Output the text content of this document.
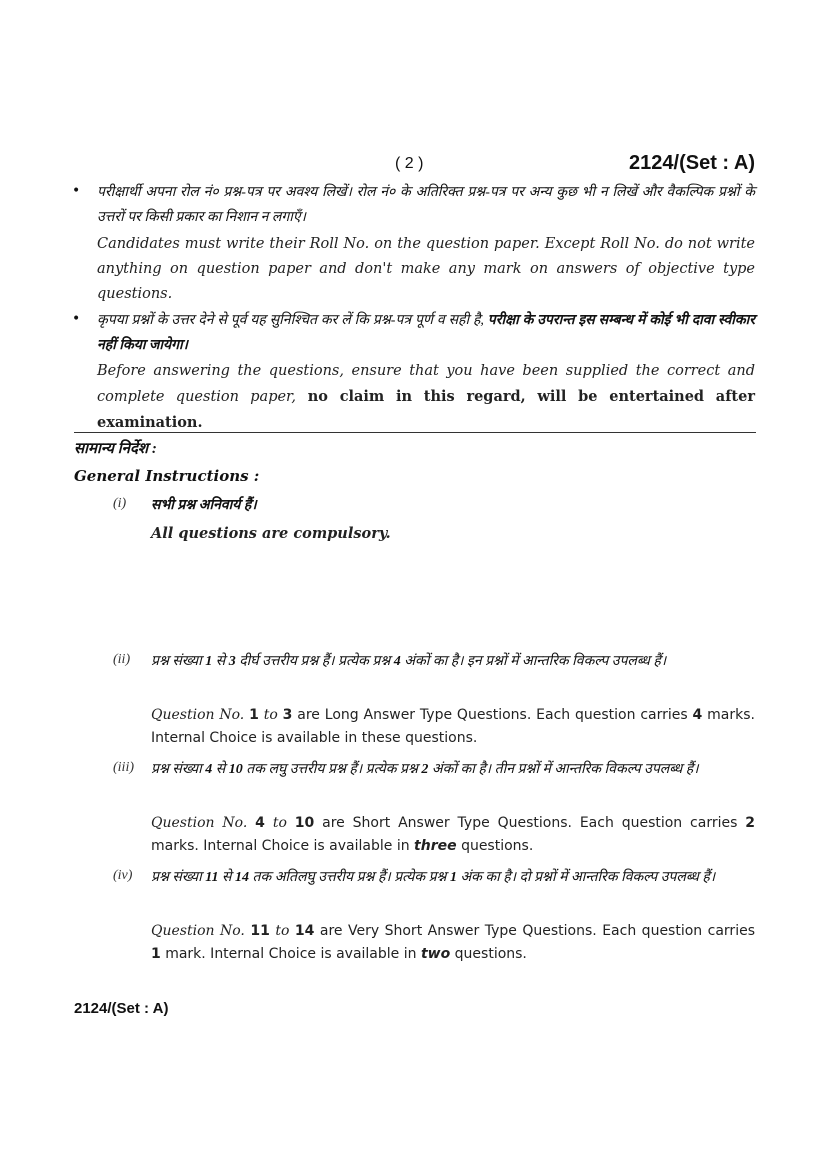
( 2 )	2124/(Set : A)
• परीक्षार्थी अपना रोल नं० प्रश्न-पत्र पर अवश्य लिखें। रोल नं० के अतिरिक्त प्रश्न-पत्र पर अन्य कुछ भी न लिखें और वैकल्पिक प्रश्नों के उत्तरों पर किसी प्रकार का निशान न लगाएँ।
Candidates must write their Roll No. on the question paper. Except Roll No. do not write anything on question paper and don't make any mark on answers of objective type questions.
• कृपया प्रश्नों के उत्तर देने से पूर्व यह सुनिश्चित कर लें कि प्रश्न-पत्र पूर्ण व सही है, परीक्षा के उपरान्त इस सम्बन्ध में कोई भी दावा स्वीकार नहीं किया जायेगा।
Before answering the questions, ensure that you have been supplied the correct and complete question paper, no claim in this regard, will be entertained after examination.
सामान्य निर्देश :
General Instructions :
(i) सभी प्रश्न अनिवार्य हैं।
All questions are compulsory.
(ii) प्रश्न संख्या 1 से 3 दीर्घ उत्तरीय प्रश्न हैं। प्रत्येक प्रश्न 4 अंकों का है। इन प्रश्नों में आन्तरिक विकल्प उपलब्ध हैं।
Question No. 1 to 3 are Long Answer Type Questions. Each question carries 4 marks. Internal Choice is available in these questions.
(iii) प्रश्न संख्या 4 से 10 तक लघु उत्तरीय प्रश्न हैं। प्रत्येक प्रश्न 2 अंकों का है। तीन प्रश्नों में आन्तरिक विकल्प उपलब्ध हैं।
Question No. 4 to 10 are Short Answer Type Questions. Each question carries 2 marks. Internal Choice is available in three questions.
(iv) प्रश्न संख्या 11 से 14 तक अतिलघु उत्तरीय प्रश्न हैं। प्रत्येक प्रश्न 1 अंक का है। दो प्रश्नों में आन्तरिक विकल्प उपलब्ध हैं।
Question No. 11 to 14 are Very Short Answer Type Questions. Each question carries 1 mark. Internal Choice is available in two questions.
2124/(Set : A)
